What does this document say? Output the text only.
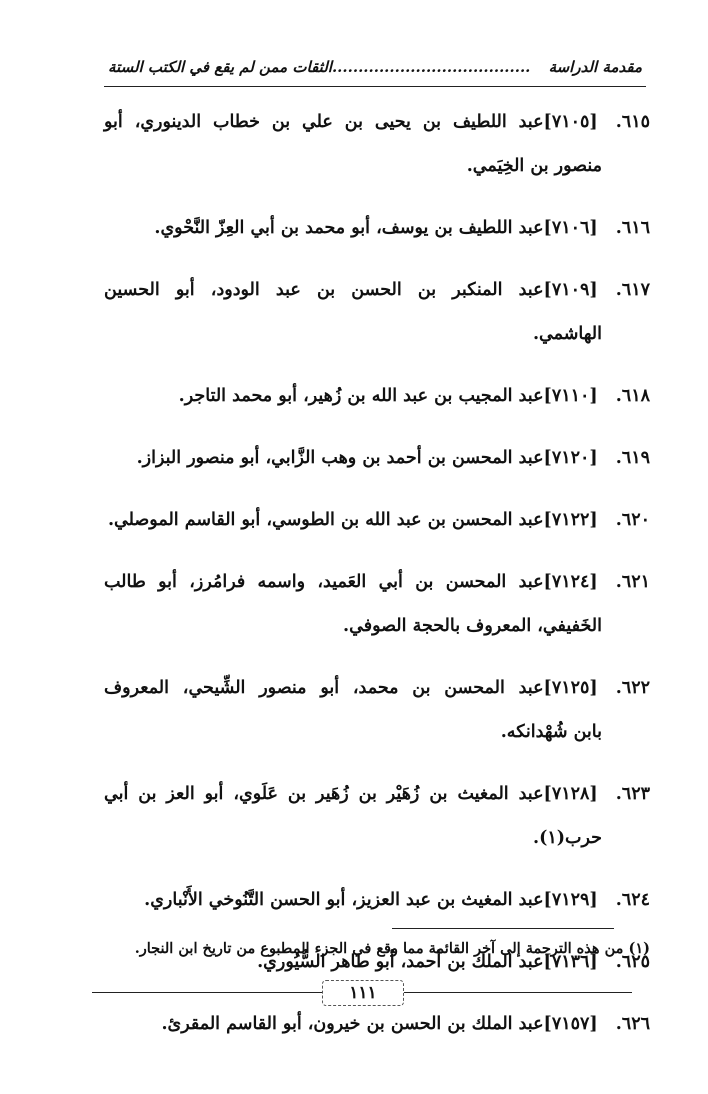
مقدمة الدراسة
......................................الثقات ممن لم يقع في الكتب الستة
٦١٥.[٧١٠٥]عبد اللطيف بن يحيى بن علي بن خطاب الدينوري، أبو
منصور بن الخِيَمي.
٦١٦.[٧١٠٦]عبد اللطيف بن يوسف، أبو محمد بن أبي العِزّ النَّحْوي.
٦١٧.[٧١٠٩]عبد المنكبر بن الحسن بن عبد الودود، أبو الحسين
الهاشمي.
٦١٨.[٧١١٠]عبد المجيب بن عبد الله بن زُهير، أبو محمد التاجر.
٦١٩.[٧١٢٠]عبد المحسن بن أحمد بن وهب الزَّابي، أبو منصور البزاز.
٦٢٠.[٧١٢٢]عبد المحسن بن عبد الله بن الطوسي، أبو القاسم الموصلي.
٦٢١.[٧١٢٤]عبد المحسن بن أبي العَميد، واسمه فرامُرز، أبو طالب
الخَفيفي، المعروف بالحجة الصوفي.
٦٢٢.[٧١٢٥]عبد المحسن بن محمد، أبو منصور الشِّيحي، المعروف
بابن شُهْدانكه.
٦٢٣.[٧١٢٨]عبد المغيث بن زُهَيْر بن زُهَير بن عَلَوي، أبو العز بن أبي
حرب(١).
٦٢٤.[٧١٢٩]عبد المغيث بن عبد العزيز، أبو الحسن التَّنُوخي الأَنْباري.
٦٢٥.[٧١٣٦]عبد الملك بن أحمد، أبو طاهر السُّيُوري.
٦٢٦.[٧١٥٧]عبد الملك بن الحسن بن خيرون، أبو القاسم المقرئ.
(١) من هذه الترجمة إلى آخر القائمة مما وقع في الجزء المطبوع من تاريخ ابن النجار.
١١١
